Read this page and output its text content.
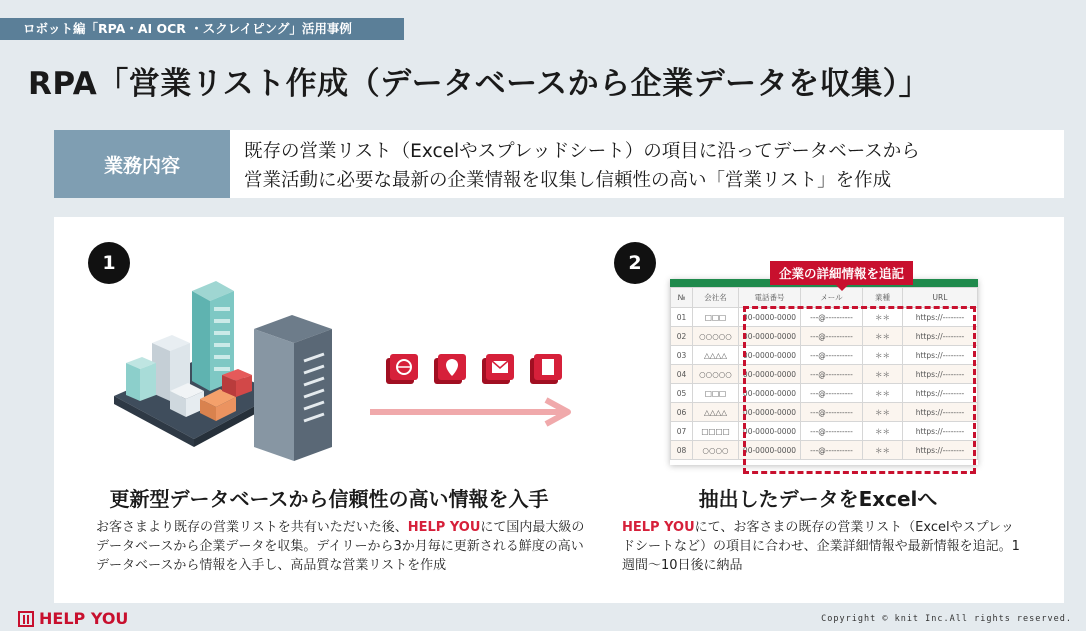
ロボット編「RPA・AI OCR ・スクレイピング」活用事例
RPA「営業リスト作成（データベースから企業データを収集）」
業務内容
既存の営業リスト（Excelやスプレッドシート）の項目に沿ってデータベースから
営業活動に必要な最新の企業情報を収集し信頼性の高い「営業リスト」を作成
1
更新型データベースから信頼性の高い情報を入手
お客さまより既存の営業リストを共有いただいた後、HELP YOUにて国内最大級のデータベースから企業データを収集。デイリーから3か月毎に更新される鮮度の高いデータベースから情報を入手し、高品質な営業リストを作成
2
№	会社名	電話番号	メール	業種	URL
01	□□□	00-0000-0000	---@----------	＊＊	https://--------
02	○○○○○	00-0000-0000	---@----------	＊＊	https://--------
03	△△△△	00-0000-0000	---@----------	＊＊	https://--------
04	○○○○○	00-0000-0000	---@----------	＊＊	https://--------
05	□□□	00-0000-0000	---@----------	＊＊	https://--------
06	△△△△	00-0000-0000	---@----------	＊＊	https://--------
07	□□□□	00-0000-0000	---@----------	＊＊	https://--------
08	○○○○	00-0000-0000	---@----------	＊＊	https://--------
企業の詳細情報を追記
抽出したデータをExcelへ
HELP YOUにて、お客さまの既存の営業リスト（Excelやスプレッドシートなど）の項目に合わせ、企業詳細情報や最新情報を追記。1週間〜10日後に納品
HELP YOU	Copyright © knit Inc.All rights reserved.
